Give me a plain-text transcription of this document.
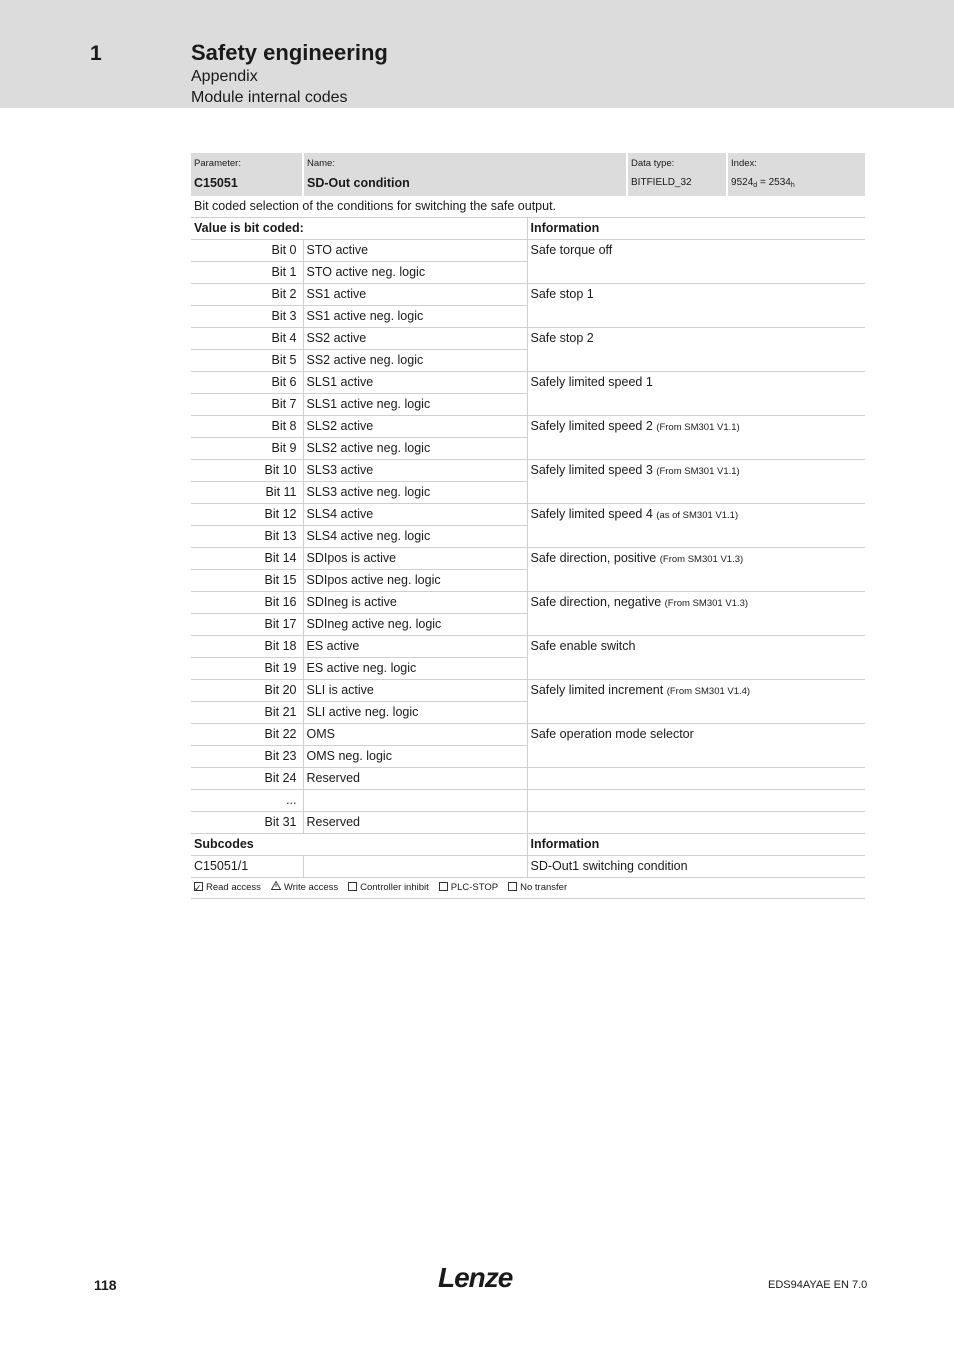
1	Safety engineering
Appendix
Module internal codes
Parameter:
C15051	Name:
SD-Out condition		Data type:
BITFIELD_32	Index:
$9524_d = 2534_h$

Bit coded selection of the conditions for switching the safe output.				
Value is bit coded:		Information		
Bit 0	STO active	Safe torque off		
Bit 1	STO active neg. logic			
Bit 2	SS1 active	Safe stop 1		
Bit 3	SS1 active neg. logic			
Bit 4	SS2 active	Safe stop 2		
Bit 5	SS2 active neg. logic			
Bit 6	SLS1 active	Safely limited speed 1		
Bit 7	SLS1 active neg. logic			
Bit 8	SLS2 active	Safely limited speed 2 (From SM301 V1.1)		
Bit 9	SLS2 active neg. logic			
Bit 10	SLS3 active	Safely limited speed 3 (From SM301 V1.1)		
Bit 11	SLS3 active neg. logic			
Bit 12	SLS4 active	Safely limited speed 4 (as of SM301 V1.1)		
Bit 13	SLS4 active neg. logic			
Bit 14	SDIpos is active	Safe direction, positive (From SM301 V1.3)		
Bit 15	SDIpos active neg. logic			
Bit 16	SDIneg is active	Safe direction, negative (From SM301 V1.3)		
Bit 17	SDIneg active neg. logic			
Bit 18	ES active	Safe enable switch		
Bit 19	ES active neg. logic			
Bit 20	SLI is active	Safely limited increment (From SM301 V1.4)		
Bit 21	SLI active neg. logic			
Bit 22	OMS	Safe operation mode selector		
Bit 23	OMS neg. logic			
Bit 24	Reserved			
...				
Bit 31	Reserved			
Subcodes		Information		
C15051/1		SD-Out1 switching condition		
✓Read access Write access Controller inhibit PLC-STOP No transfer
118	Lenze	EDS94AYAE EN 7.0
